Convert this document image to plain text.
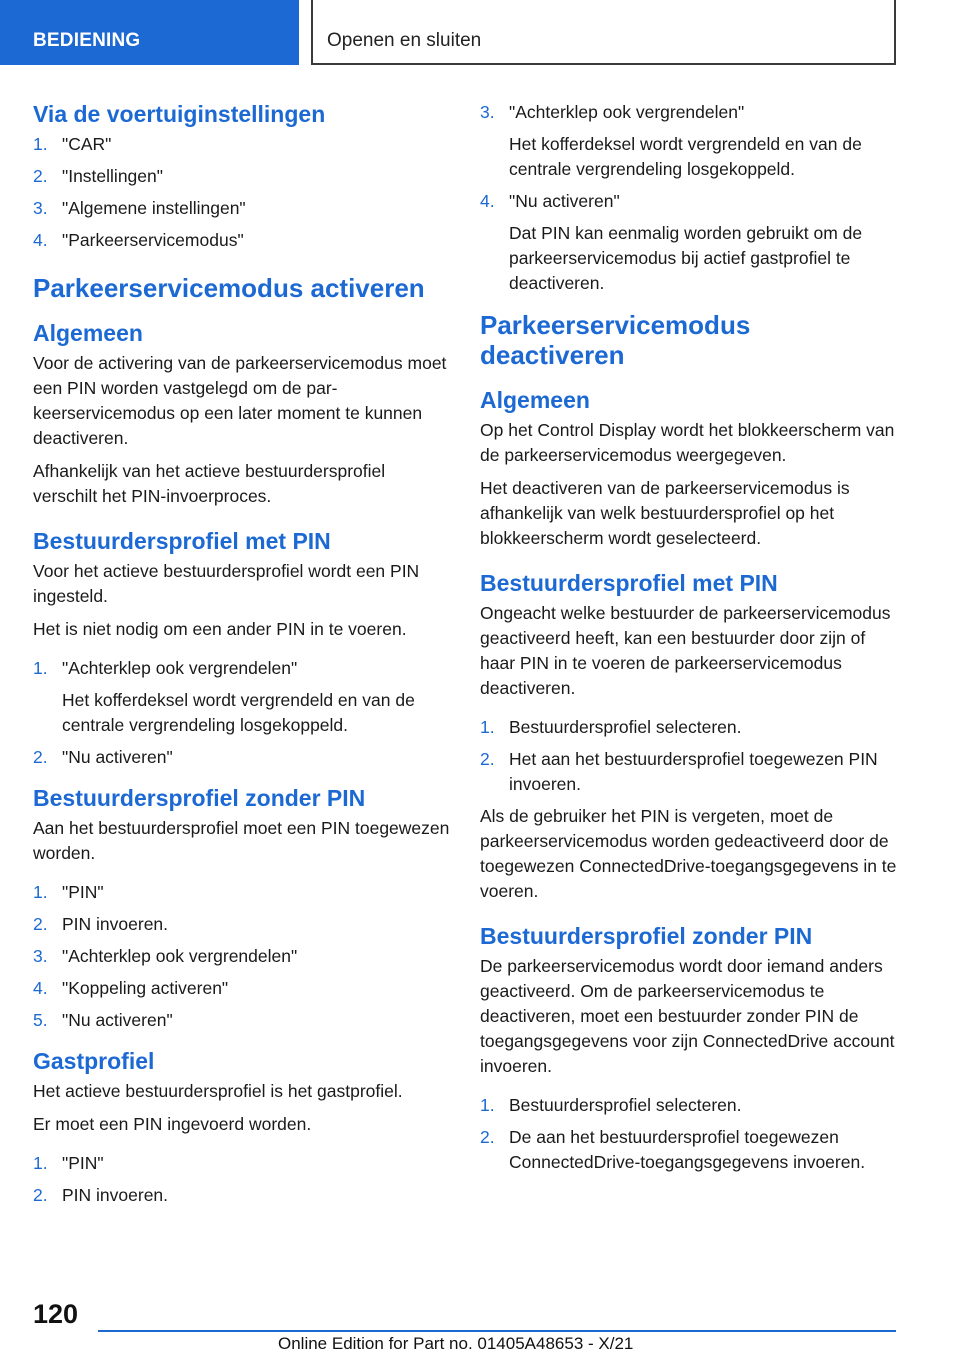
BEDIENING	Openen en sluiten
Via de voertuiginstellingen
1. "CAR"
2. "Instellingen"
3. "Algemene instellingen"
4. "Parkeerservicemodus"
Parkeerservicemodus activeren
Algemeen

Voor de activering van de parkeerservicemodus moet een PIN worden vastgelegd om de parkeerservicemodus op een later moment te kunnen deactiveren.

Afhankelijk van het actieve bestuurdersprofiel verschilt het PIN-invoerproces.

Bestuurdersprofiel met PIN

Voor het actieve bestuurdersprofiel wordt een PIN ingesteld.

Het is niet nodig om een ander PIN in te voeren.

1. "Achterklep ook vergrendelen"
Het kofferdeksel wordt vergrendeld en van de centrale vergrendeling losgekoppeld.
2. "Nu activeren"
Bestuurdersprofiel zonder PIN

Aan het bestuurdersprofiel moet een PIN toegewezen worden.

1. "PIN"
2. PIN invoeren.
3. "Achterklep ook vergrendelen"
4. "Koppeling activeren"
5. "Nu activeren"
Gastprofiel

Het actieve bestuurdersprofiel is het gastprofiel.

Er moet een PIN ingevoerd worden.

1. "PIN"
2. PIN invoeren.
3. "Achterklep ook vergrendelen"
Het kofferdeksel wordt vergrendeld en van de centrale vergrendeling losgekoppeld.
4. "Nu activeren"
Dat PIN kan eenmalig worden gebruikt om de parkeerservicemodus bij actief gastprofiel te deactiveren.
Parkeerservicemodus deactiveren
Algemeen

Op het Control Display wordt het blokkeerscherm van de parkeerservicemodus weergegeven.

Het deactiveren van de parkeerservicemodus is afhankelijk van welk bestuurdersprofiel op het blokkeerscherm wordt geselecteerd.

Bestuurdersprofiel met PIN

Ongeacht welke bestuurder de parkeerservicemodus geactiveerd heeft, kan een bestuurder door zijn of haar PIN in te voeren de parkeerservicemodus deactiveren.

1. Bestuurdersprofiel selecteren.
2. Het aan het bestuurdersprofiel toegewezen PIN invoeren.

Als de gebruiker het PIN is vergeten, moet de parkeerservicemodus worden gedeactiveerd door de toegewezen ConnectedDrive-toegangsgegevens in te voeren.

Bestuurdersprofiel zonder PIN

De parkeerservicemodus wordt door iemand anders geactiveerd. Om de parkeerservicemodus te deactiveren, moet een bestuurder zonder PIN de toegangsgegevens voor zijn ConnectedDrive account invoeren.

1. Bestuurdersprofiel selecteren.
2. De aan het bestuurdersprofiel toegewezen ConnectedDrive-toegangsgegevens invoeren.
120
Online Edition for Part no. 01405A48653 - X/21
